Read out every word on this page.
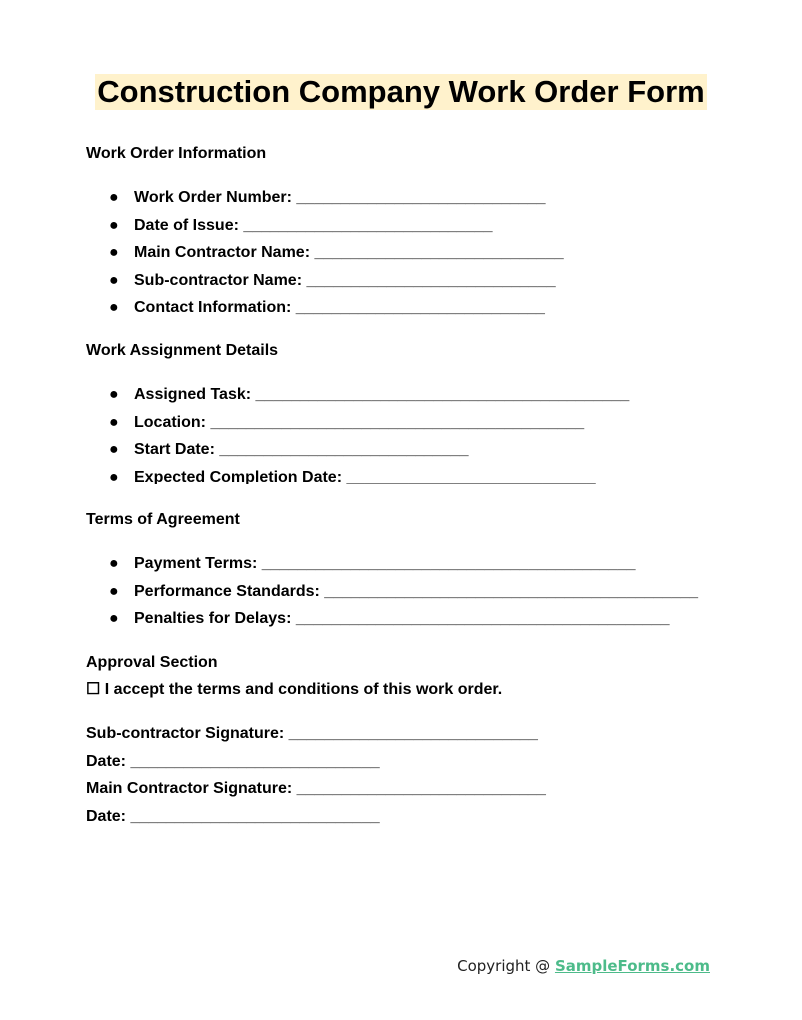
Construction Company Work Order Form
Work Order Information
● Work Order Number: ____________________________
● Date of Issue: ____________________________
● Main Contractor Name: ____________________________
● Sub-contractor Name: ____________________________
● Contact Information: ____________________________
Work Assignment Details
● Assigned Task: __________________________________________
● Location: __________________________________________
● Start Date: ____________________________
● Expected Completion Date: ____________________________
Terms of Agreement
● Payment Terms: __________________________________________
● Performance Standards: __________________________________________
● Penalties for Delays: __________________________________________
Approval Section
☐ I accept the terms and conditions of this work order.
Sub-contractor Signature: ____________________________
Date: ____________________________
Main Contractor Signature: ____________________________
Date: ____________________________
Copyright @ SampleForms.com
